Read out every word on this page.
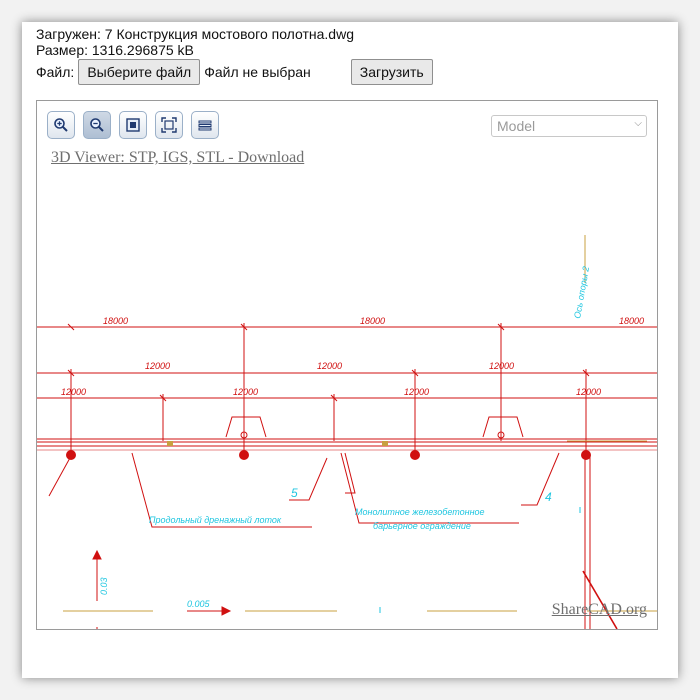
Загружен: 7 Конструкция мостового полотна.dwg
Размер: 1316.296875 kB
Файл: Выберите файл Файл не выбран	Загрузить
Model	⌵
3D Viewer: STP, IGS, STL - Download
18000	18000	18000
12000	12000	12000
12000	12000	12000	12000
Ось опоры 2
Продольный дренажный лоток
Монолитное железобетонное
барьерное ограждение
5	4
0.03
0.005	ShareCAD.org
